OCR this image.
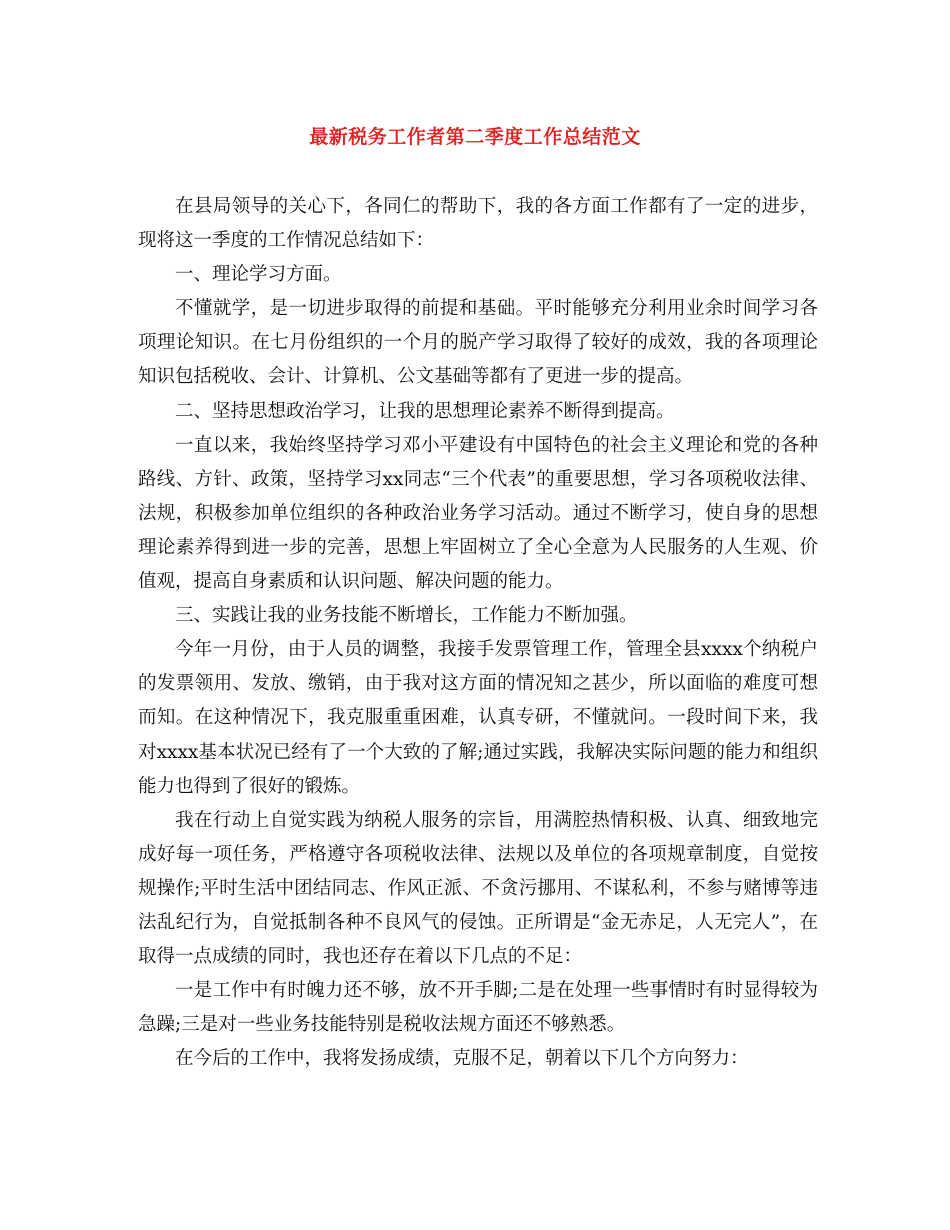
最新税务工作者第二季度工作总结范文

在县局领导的关心下，各同仁的帮助下，我的各方面工作都有了一定的进步，现将这一季度的工作情况总结如下：

一、理论学习方面。

不懂就学，是一切进步取得的前提和基础。平时能够充分利用业余时间学习各项理论知识。在七月份组织的一个月的脱产学习取得了较好的成效，我的各项理论知识包括税收、会计、计算机、公文基础等都有了更进一步的提高。

二、坚持思想政治学习，让我的思想理论素养不断得到提高。

一直以来，我始终坚持学习邓小平建设有中国特色的社会主义理论和党的各种路线、方针、政策，坚持学习xx同志“三个代表”的重要思想，学习各项税收法律、法规，积极参加单位组织的各种政治业务学习活动。通过不断学习，使自身的思想理论素养得到进一步的完善，思想上牢固树立了全心全意为人民服务的人生观、价值观，提高自身素质和认识问题、解决问题的能力。

三、实践让我的业务技能不断增长，工作能力不断加强。

今年一月份，由于人员的调整，我接手发票管理工作，管理全县xxxx个纳税户的发票领用、发放、缴销，由于我对这方面的情况知之甚少，所以面临的难度可想而知。在这种情况下，我克服重重困难，认真专研，不懂就问。一段时间下来，我对xxxx基本状况已经有了一个大致的了解;通过实践，我解决实际问题的能力和组织能力也得到了很好的锻炼。

我在行动上自觉实践为纳税人服务的宗旨，用满腔热情积极、认真、细致地完成好每一项任务，严格遵守各项税收法律、法规以及单位的各项规章制度，自觉按规操作;平时生活中团结同志、作风正派、不贪污挪用、不谋私利，不参与赌博等违法乱纪行为，自觉抵制各种不良风气的侵蚀。正所谓是“金无赤足，人无完人”，在取得一点成绩的同时，我也还存在着以下几点的不足：

一是工作中有时魄力还不够，放不开手脚;二是在处理一些事情时有时显得较为急躁;三是对一些业务技能特别是税收法规方面还不够熟悉。

在今后的工作中，我将发扬成绩，克服不足，朝着以下几个方向努力：
